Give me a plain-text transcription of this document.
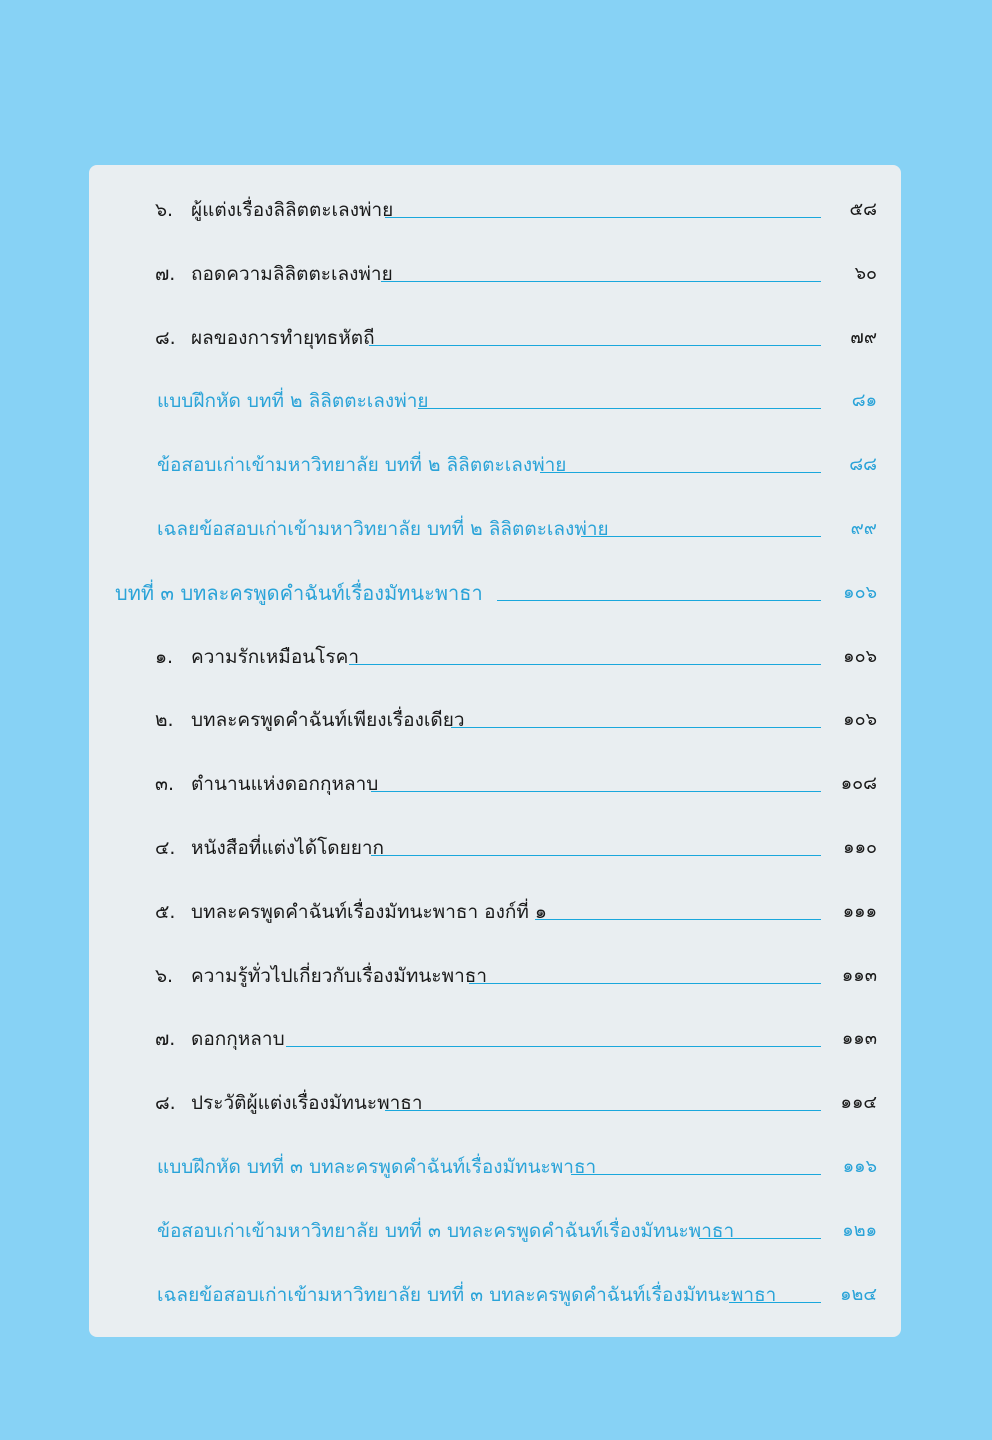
๖. ผู้แต่งเรื่องลิลิตตะเลงพ่าย	๕๘
๗. ถอดความลิลิตตะเลงพ่าย	๖๐
๘. ผลของการทำยุทธหัตถี	๗๙
แบบฝึกหัด บทที่ ๒ ลิลิตตะเลงพ่าย	๘๑
ข้อสอบเก่าเข้ามหาวิทยาลัย บทที่ ๒ ลิลิตตะเลงพ่าย	๘๘
เฉลยข้อสอบเก่าเข้ามหาวิทยาลัย บทที่ ๒ ลิลิตตะเลงพ่าย	๙๙
บทที่ ๓ บทละครพูดคำฉันท์เรื่องมัทนะพาธา	๑๐๖
๑. ความรักเหมือนโรคา	๑๐๖
๒. บทละครพูดคำฉันท์เพียงเรื่องเดียว	๑๐๖
๓. ตำนานแห่งดอกกุหลาบ	๑๐๘
๔. หนังสือที่แต่งได้โดยยาก	๑๑๐
๕. บทละครพูดคำฉันท์เรื่องมัทนะพาธา องก์ที่ ๑	๑๑๑
๖. ความรู้ทั่วไปเกี่ยวกับเรื่องมัทนะพาธา	๑๑๓
๗. ดอกกุหลาบ	๑๑๓
๘. ประวัติผู้แต่งเรื่องมัทนะพาธา	๑๑๔
แบบฝึกหัด บทที่ ๓ บทละครพูดคำฉันท์เรื่องมัทนะพาธา	๑๑๖
ข้อสอบเก่าเข้ามหาวิทยาลัย บทที่ ๓ บทละครพูดคำฉันท์เรื่องมัทนะพาธา	๑๒๑
เฉลยข้อสอบเก่าเข้ามหาวิทยาลัย บทที่ ๓ บทละครพูดคำฉันท์เรื่องมัทนะพาธา	๑๒๔
